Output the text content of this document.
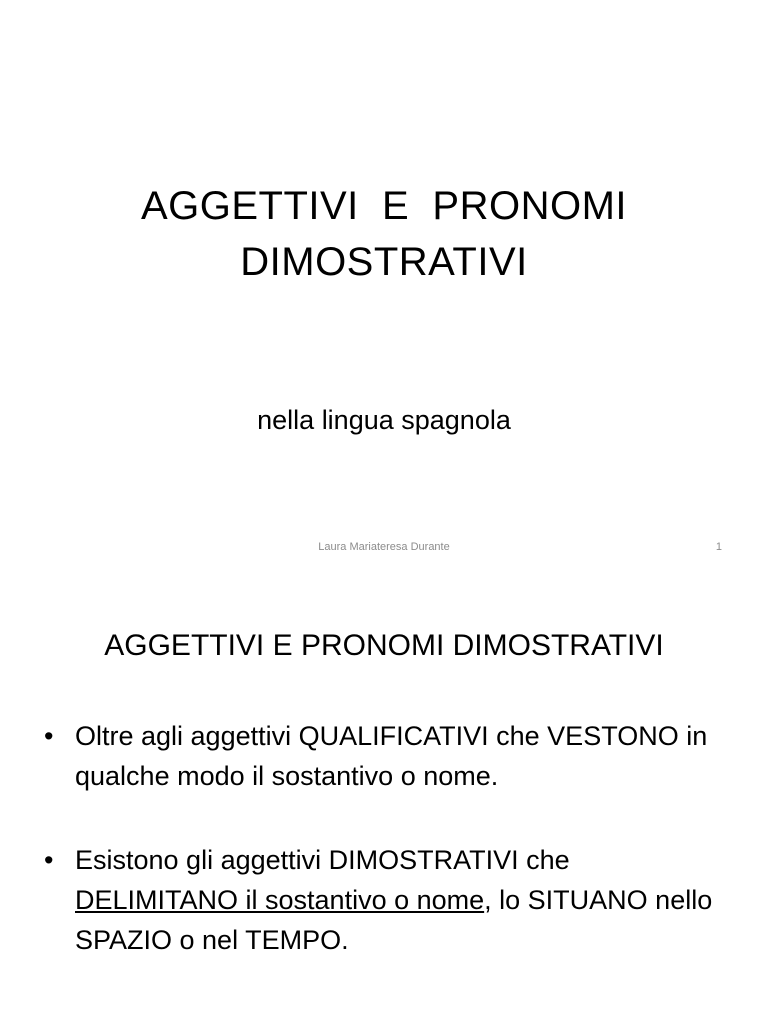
AGGETTIVI  E  PRONOMI
DIMOSTRATIVI
nella lingua spagnola
Laura Mariateresa Durante	1
AGGETTIVI E PRONOMI DIMOSTRATIVI
• Oltre agli aggettivi QUALIFICATIVI che VESTONO in qualche modo il sostantivo o nome.
• Esistono gli aggettivi DIMOSTRATIVI che DELIMITANO il sostantivo o nome, lo SITUANO nello SPAZIO o nel TEMPO.
